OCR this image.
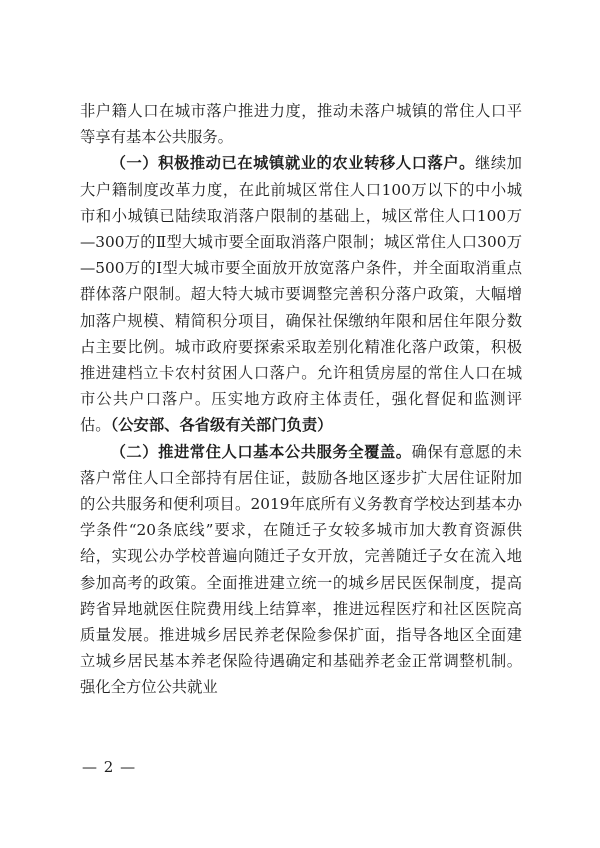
非户籍人口在城市落户推进力度，推动未落户城镇的常住人口平等享有基本公共服务。

（一）积极推动已在城镇就业的农业转移人口落户。继续加大户籍制度改革力度，在此前城区常住人口100万以下的中小城市和小城镇已陆续取消落户限制的基础上，城区常住人口100万—300万的Ⅱ型大城市要全面取消落户限制；城区常住人口300万—500万的Ⅰ型大城市要全面放开放宽落户条件，并全面取消重点群体落户限制。超大特大城市要调整完善积分落户政策，大幅增加落户规模、精简积分项目，确保社保缴纳年限和居住年限分数占主要比例。城市政府要探索采取差别化精准化落户政策，积极推进建档立卡农村贫困人口落户。允许租赁房屋的常住人口在城市公共户口落户。压实地方政府主体责任，强化督促和监测评估。（公安部、各省级有关部门负责）

（二）推进常住人口基本公共服务全覆盖。确保有意愿的未落户常住人口全部持有居住证，鼓励各地区逐步扩大居住证附加的公共服务和便利项目。2019年底所有义务教育学校达到基本办学条件“20条底线”要求，在随迁子女较多城市加大教育资源供给，实现公办学校普遍向随迁子女开放，完善随迁子女在流入地参加高考的政策。全面推进建立统一的城乡居民医保制度，提高跨省异地就医住院费用线上结算率，推进远程医疗和社区医院高质量发展。推进城乡居民养老保险参保扩面，指导各地区全面建立城乡居民基本养老保险待遇确定和基础养老金正常调整机制。强化全方位公共就业

— 2 —
